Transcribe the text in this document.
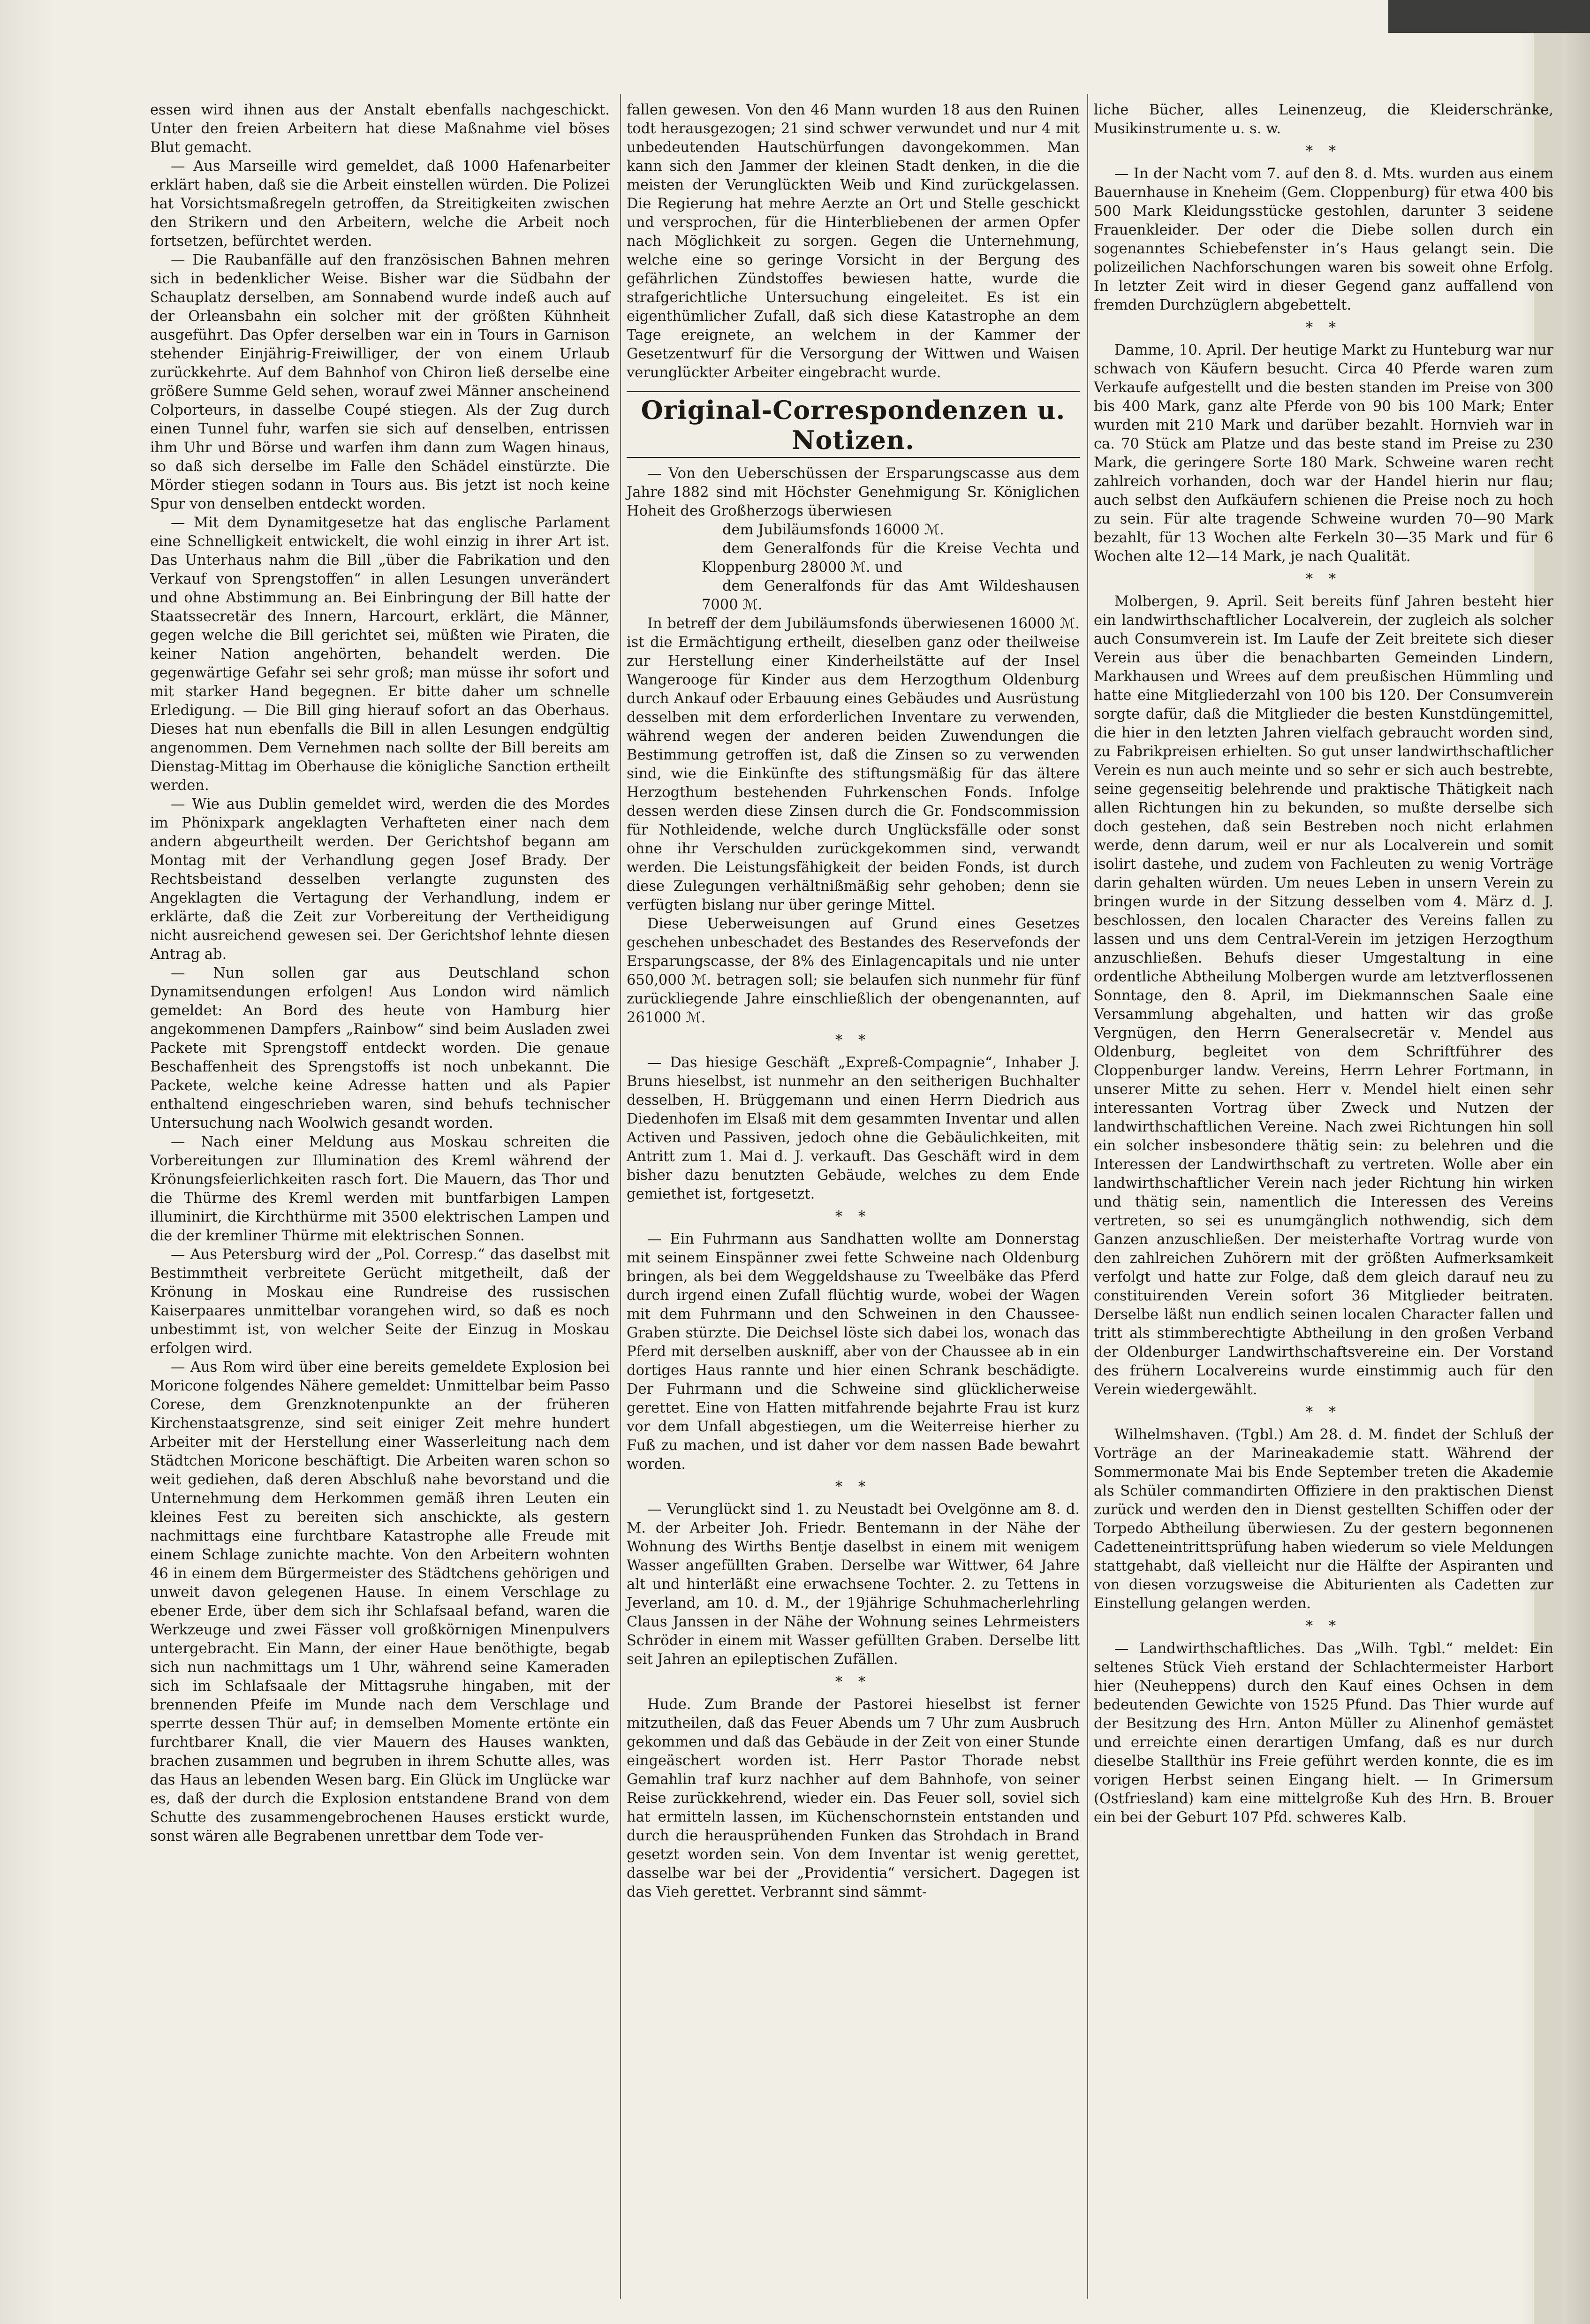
essen wird ihnen aus der Anstalt ebenfalls nachgeschickt. Unter den freien Arbeitern hat diese Maßnahme viel böses Blut gemacht.

— Aus Marseille wird gemeldet, daß 1000 Hafenarbeiter erklärt haben, daß sie die Arbeit einstellen würden. Die Polizei hat Vorsichtsmaßregeln getroffen, da Streitigkeiten zwischen den Strikern und den Arbeitern, welche die Arbeit noch fortsetzen, befürchtet werden.

— Die Raubanfälle auf den französischen Bahnen mehren sich in bedenklicher Weise. Bisher war die Südbahn der Schauplatz derselben, am Sonnabend wurde indeß auch auf der Orleansbahn ein solcher mit der größten Kühnheit ausgeführt. Das Opfer derselben war ein in Tours in Garnison stehender Einjährig-Freiwilliger, der von einem Urlaub zurückkehrte. Auf dem Bahnhof von Chiron ließ derselbe eine größere Summe Geld sehen, worauf zwei Männer anscheinend Colporteurs, in dasselbe Coupé stiegen. Als der Zug durch einen Tunnel fuhr, warfen sie sich auf denselben, entrissen ihm Uhr und Börse und warfen ihm dann zum Wagen hinaus, so daß sich derselbe im Falle den Schädel einstürzte. Die Mörder stiegen sodann in Tours aus. Bis jetzt ist noch keine Spur von denselben entdeckt worden.

— Mit dem Dynamitgesetze hat das englische Parlament eine Schnelligkeit entwickelt, die wohl einzig in ihrer Art ist. Das Unterhaus nahm die Bill „über die Fabrikation und den Verkauf von Sprengstoffen“ in allen Lesungen unverändert und ohne Abstimmung an. Bei Einbringung der Bill hatte der Staatssecretär des Innern, Harcourt, erklärt, die Männer, gegen welche die Bill gerichtet sei, müßten wie Piraten, die keiner Nation angehörten, behandelt werden. Die gegenwärtige Gefahr sei sehr groß; man müsse ihr sofort und mit starker Hand begegnen. Er bitte daher um schnelle Erledigung. — Die Bill ging hierauf sofort an das Oberhaus. Dieses hat nun ebenfalls die Bill in allen Lesungen endgültig angenommen. Dem Vernehmen nach sollte der Bill bereits am Dienstag-Mittag im Oberhause die königliche Sanction ertheilt werden.

— Wie aus Dublin gemeldet wird, werden die des Mordes im Phönixpark angeklagten Verhafteten einer nach dem andern abgeurtheilt werden. Der Gerichtshof begann am Montag mit der Verhandlung gegen Josef Brady. Der Rechtsbeistand desselben verlangte zugunsten des Angeklagten die Vertagung der Verhandlung, indem er erklärte, daß die Zeit zur Vorbereitung der Vertheidigung nicht ausreichend gewesen sei. Der Gerichtshof lehnte diesen Antrag ab.

— Nun sollen gar aus Deutschland schon Dynamitsendungen erfolgen! Aus London wird nämlich gemeldet: An Bord des heute von Hamburg hier angekommenen Dampfers „Rainbow“ sind beim Ausladen zwei Packete mit Sprengstoff entdeckt worden. Die genaue Beschaffenheit des Sprengstoffs ist noch unbekannt. Die Packete, welche keine Adresse hatten und als Papier enthaltend eingeschrieben waren, sind behufs technischer Untersuchung nach Woolwich gesandt worden.

— Nach einer Meldung aus Moskau schreiten die Vorbereitungen zur Illumination des Kreml während der Krönungsfeierlichkeiten rasch fort. Die Mauern, das Thor und die Thürme des Kreml werden mit buntfarbigen Lampen illuminirt, die Kirchthürme mit 3500 elektrischen Lampen und die der kremliner Thürme mit elektrischen Sonnen.

— Aus Petersburg wird der „Pol. Corresp.“ das daselbst mit Bestimmtheit verbreitete Gerücht mitgetheilt, daß der Krönung in Moskau eine Rundreise des russischen Kaiserpaares unmittelbar vorangehen wird, so daß es noch unbestimmt ist, von welcher Seite der Einzug in Moskau erfolgen wird.

— Aus Rom wird über eine bereits gemeldete Explosion bei Moricone folgendes Nähere gemeldet: Unmittelbar beim Passo Corese, dem Grenzknotenpunkte an der früheren Kirchenstaatsgrenze, sind seit einiger Zeit mehre hundert Arbeiter mit der Herstellung einer Wasserleitung nach dem Städtchen Moricone beschäftigt. Die Arbeiten waren schon so weit gediehen, daß deren Abschluß nahe bevorstand und die Unternehmung dem Herkommen gemäß ihren Leuten ein kleines Fest zu bereiten sich anschickte, als gestern nachmittags eine furchtbare Katastrophe alle Freude mit einem Schlage zunichte machte. Von den Arbeitern wohnten 46 in einem dem Bürgermeister des Städtchens gehörigen und unweit davon gelegenen Hause. In einem Verschlage zu ebener Erde, über dem sich ihr Schlafsaal befand, waren die Werkzeuge und zwei Fässer voll großkörnigen Minenpulvers untergebracht. Ein Mann, der einer Haue benöthigte, begab sich nun nachmittags um 1 Uhr, während seine Kameraden sich im Schlafsaale der Mittagsruhe hingaben, mit der brennenden Pfeife im Munde nach dem Verschlage und sperrte dessen Thür auf; in demselben Momente ertönte ein furchtbarer Knall, die vier Mauern des Hauses wankten, brachen zusammen und begruben in ihrem Schutte alles, was das Haus an lebenden Wesen barg. Ein Glück im Unglücke war es, daß der durch die Explosion entstandene Brand von dem Schutte des zusammengebrochenen Hauses erstickt wurde, sonst wären alle Begrabenen unrettbar dem Tode ver-

fallen gewesen. Von den 46 Mann wurden 18 aus den Ruinen todt herausgezogen; 21 sind schwer verwundet und nur 4 mit unbedeutenden Hautschürfungen davongekommen. Man kann sich den Jammer der kleinen Stadt denken, in die die meisten der Verunglückten Weib und Kind zurückgelassen. Die Regierung hat mehre Aerzte an Ort und Stelle geschickt und versprochen, für die Hinterbliebenen der armen Opfer nach Möglichkeit zu sorgen. Gegen die Unternehmung, welche eine so geringe Vorsicht in der Bergung des gefährlichen Zündstoffes bewiesen hatte, wurde die strafgerichtliche Untersuchung eingeleitet. Es ist ein eigenthümlicher Zufall, daß sich diese Katastrophe an dem Tage ereignete, an welchem in der Kammer der Gesetzentwurf für die Versorgung der Wittwen und Waisen verunglückter Arbeiter eingebracht wurde.

Original-Correspondenzen u. Notizen.

— Von den Ueberschüssen der Ersparungscasse aus dem Jahre 1882 sind mit Höchster Genehmigung Sr. Königlichen Hoheit des Großherzogs überwiesen

dem Jubiläumsfonds 16000 ℳ.

dem Generalfonds für die Kreise Vechta und Kloppenburg 28000 ℳ. und

dem Generalfonds für das Amt Wildeshausen 7000 ℳ.

In betreff der dem Jubiläumsfonds überwiesenen 16000 ℳ. ist die Ermächtigung ertheilt, dieselben ganz oder theilweise zur Herstellung einer Kinderheilstätte auf der Insel Wangerooge für Kinder aus dem Herzogthum Oldenburg durch Ankauf oder Erbauung eines Gebäudes und Ausrüstung desselben mit dem erforderlichen Inventare zu verwenden, während wegen der anderen beiden Zuwendungen die Bestimmung getroffen ist, daß die Zinsen so zu verwenden sind, wie die Einkünfte des stiftungsmäßig für das ältere Herzogthum bestehenden Fuhrkenschen Fonds. Infolge dessen werden diese Zinsen durch die Gr. Fondscommission für Nothleidende, welche durch Unglücksfälle oder sonst ohne ihr Verschulden zurückgekommen sind, verwandt werden. Die Leistungsfähigkeit der beiden Fonds, ist durch diese Zulegungen verhältnißmäßig sehr gehoben; denn sie verfügten bislang nur über geringe Mittel.

Diese Ueberweisungen auf Grund eines Gesetzes geschehen unbeschadet des Bestandes des Reservefonds der Ersparungscasse, der 8% des Einlagencapitals und nie unter 650,000 ℳ. betragen soll; sie belaufen sich nunmehr für fünf zurückliegende Jahre einschließlich der obengenannten, auf 261000 ℳ.

* *

— Das hiesige Geschäft „Expreß-Compagnie“, Inhaber J. Bruns hieselbst, ist nunmehr an den seitherigen Buchhalter desselben, H. Brüggemann und einen Herrn Diedrich aus Diedenhofen im Elsaß mit dem gesammten Inventar und allen Activen und Passiven, jedoch ohne die Gebäulichkeiten, mit Antritt zum 1. Mai d. J. verkauft. Das Geschäft wird in dem bisher dazu benutzten Gebäude, welches zu dem Ende gemiethet ist, fortgesetzt.

* *

— Ein Fuhrmann aus Sandhatten wollte am Donnerstag mit seinem Einspänner zwei fette Schweine nach Oldenburg bringen, als bei dem Weggeldshause zu Tweelbäke das Pferd durch irgend einen Zufall flüchtig wurde, wobei der Wagen mit dem Fuhrmann und den Schweinen in den Chaussee-Graben stürzte. Die Deichsel löste sich dabei los, wonach das Pferd mit derselben auskniff, aber von der Chaussee ab in ein dortiges Haus rannte und hier einen Schrank beschädigte. Der Fuhrmann und die Schweine sind glücklicherweise gerettet. Eine von Hatten mitfahrende bejahrte Frau ist kurz vor dem Unfall abgestiegen, um die Weiterreise hierher zu Fuß zu machen, und ist daher vor dem nassen Bade bewahrt worden.

* *

— Verunglückt sind 1. zu Neustadt bei Ovelgönne am 8. d. M. der Arbeiter Joh. Friedr. Bentemann in der Nähe der Wohnung des Wirths Bentje daselbst in einem mit wenigem Wasser angefüllten Graben. Derselbe war Wittwer, 64 Jahre alt und hinterläßt eine erwachsene Tochter. 2. zu Tettens in Jeverland, am 10. d. M., der 19jährige Schuhmacherlehrling Claus Janssen in der Nähe der Wohnung seines Lehrmeisters Schröder in einem mit Wasser gefüllten Graben. Derselbe litt seit Jahren an epileptischen Zufällen.

* *

Hude. Zum Brande der Pastorei hieselbst ist ferner mitzutheilen, daß das Feuer Abends um 7 Uhr zum Ausbruch gekommen und daß das Gebäude in der Zeit von einer Stunde eingeäschert worden ist. Herr Pastor Thorade nebst Gemahlin traf kurz nachher auf dem Bahnhofe, von seiner Reise zurückkehrend, wieder ein. Das Feuer soll, soviel sich hat ermitteln lassen, im Küchenschornstein entstanden und durch die herausprühenden Funken das Strohdach in Brand gesetzt worden sein. Von dem Inventar ist wenig gerettet, dasselbe war bei der „Providentia“ versichert. Dagegen ist das Vieh gerettet. Verbrannt sind sämmt-

liche Bücher, alles Leinenzeug, die Kleiderschränke, Musikinstrumente u. s. w.

* *

— In der Nacht vom 7. auf den 8. d. Mts. wurden aus einem Bauernhause in Kneheim (Gem. Cloppenburg) für etwa 400 bis 500 Mark Kleidungsstücke gestohlen, darunter 3 seidene Frauenkleider. Der oder die Diebe sollen durch ein sogenanntes Schiebefenster in’s Haus gelangt sein. Die polizeilichen Nachforschungen waren bis soweit ohne Erfolg. In letzter Zeit wird in dieser Gegend ganz auffallend von fremden Durchzüglern abgebettelt.

* *

Damme, 10. April. Der heutige Markt zu Hunteburg war nur schwach von Käufern besucht. Circa 40 Pferde waren zum Verkaufe aufgestellt und die besten standen im Preise von 300 bis 400 Mark, ganz alte Pferde von 90 bis 100 Mark; Enter wurden mit 210 Mark und darüber bezahlt. Hornvieh war in ca. 70 Stück am Platze und das beste stand im Preise zu 230 Mark, die geringere Sorte 180 Mark. Schweine waren recht zahlreich vorhanden, doch war der Handel hierin nur flau; auch selbst den Aufkäufern schienen die Preise noch zu hoch zu sein. Für alte tragende Schweine wurden 70—90 Mark bezahlt, für 13 Wochen alte Ferkeln 30—35 Mark und für 6 Wochen alte 12—14 Mark, je nach Qualität.

* *

Molbergen, 9. April. Seit bereits fünf Jahren besteht hier ein landwirthschaftlicher Localverein, der zugleich als solcher auch Consumverein ist. Im Laufe der Zeit breitete sich dieser Verein aus über die benachbarten Gemeinden Lindern, Markhausen und Wrees auf dem preußischen Hümmling und hatte eine Mitgliederzahl von 100 bis 120. Der Consumverein sorgte dafür, daß die Mitglieder die besten Kunstdüngemittel, die hier in den letzten Jahren vielfach gebraucht worden sind, zu Fabrikpreisen erhielten. So gut unser landwirthschaftlicher Verein es nun auch meinte und so sehr er sich auch bestrebte, seine gegenseitig belehrende und praktische Thätigkeit nach allen Richtungen hin zu bekunden, so mußte derselbe sich doch gestehen, daß sein Bestreben noch nicht erlahmen werde, denn darum, weil er nur als Localverein und somit isolirt dastehe, und zudem von Fachleuten zu wenig Vorträge darin gehalten würden. Um neues Leben in unsern Verein zu bringen wurde in der Sitzung desselben vom 4. März d. J. beschlossen, den localen Character des Vereins fallen zu lassen und uns dem Central-Verein im jetzigen Herzogthum anzuschließen. Behufs dieser Umgestaltung in eine ordentliche Abtheilung Molbergen wurde am letztverflossenen Sonntage, den 8. April, im Diekmannschen Saale eine Versammlung abgehalten, und hatten wir das große Vergnügen, den Herrn Generalsecretär v. Mendel aus Oldenburg, begleitet von dem Schriftführer des Cloppenburger landw. Vereins, Herrn Lehrer Fortmann, in unserer Mitte zu sehen. Herr v. Mendel hielt einen sehr interessanten Vortrag über Zweck und Nutzen der landwirthschaftlichen Vereine. Nach zwei Richtungen hin soll ein solcher insbesondere thätig sein: zu belehren und die Interessen der Landwirthschaft zu vertreten. Wolle aber ein landwirthschaftlicher Verein nach jeder Richtung hin wirken und thätig sein, namentlich die Interessen des Vereins vertreten, so sei es unumgänglich nothwendig, sich dem Ganzen anzuschließen. Der meisterhafte Vortrag wurde von den zahlreichen Zuhörern mit der größten Aufmerksamkeit verfolgt und hatte zur Folge, daß dem gleich darauf neu zu constituirenden Verein sofort 36 Mitglieder beitraten. Derselbe läßt nun endlich seinen localen Character fallen und tritt als stimmberechtigte Abtheilung in den großen Verband der Oldenburger Landwirthschaftsvereine ein. Der Vorstand des frühern Localvereins wurde einstimmig auch für den Verein wiedergewählt.

* *

Wilhelmshaven. (Tgbl.) Am 28. d. M. findet der Schluß der Vorträge an der Marineakademie statt. Während der Sommermonate Mai bis Ende September treten die Akademie als Schüler commandirten Offiziere in den praktischen Dienst zurück und werden den in Dienst gestellten Schiffen oder der Torpedo Abtheilung überwiesen. Zu der gestern begonnenen Cadetteneintrittsprüfung haben wiederum so viele Meldungen stattgehabt, daß vielleicht nur die Hälfte der Aspiranten und von diesen vorzugsweise die Abiturienten als Cadetten zur Einstellung gelangen werden.

* *

— Landwirthschaftliches. Das „Wilh. Tgbl.“ meldet: Ein seltenes Stück Vieh erstand der Schlachtermeister Harbort hier (Neuheppens) durch den Kauf eines Ochsen in dem bedeutenden Gewichte von 1525 Pfund. Das Thier wurde auf der Besitzung des Hrn. Anton Müller zu Alinenhof gemästet und erreichte einen derartigen Umfang, daß es nur durch dieselbe Stallthür ins Freie geführt werden konnte, die es im vorigen Herbst seinen Eingang hielt. — In Grimersum (Ostfriesland) kam eine mittelgroße Kuh des Hrn. B. Brouer ein bei der Geburt 107 Pfd. schweres Kalb.
